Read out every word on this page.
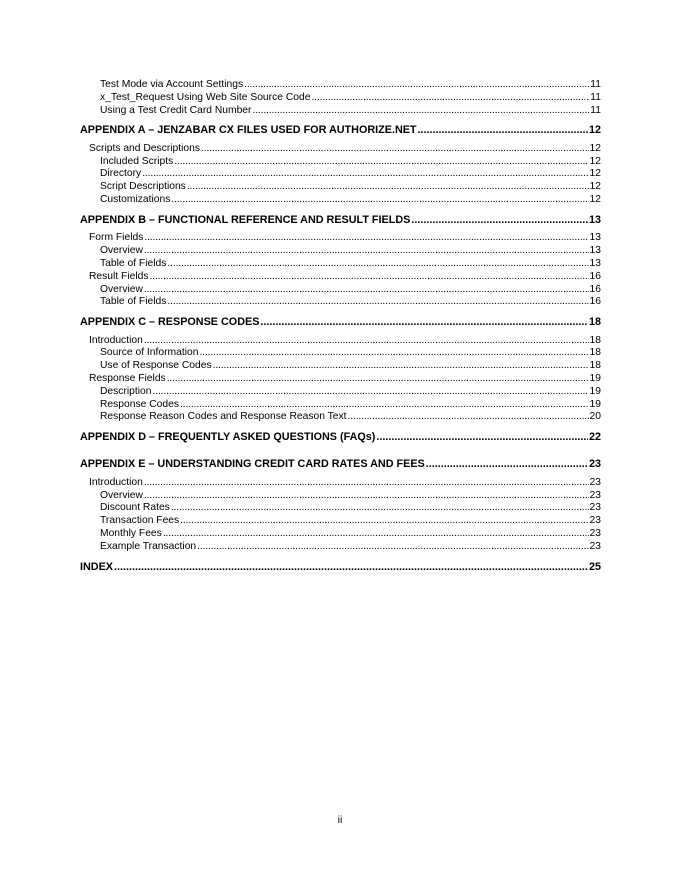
Test Mode via Account Settings . . .	11
x_Test_Request Using Web Site Source Code . . .	11
Using a Test Credit Card Number . . .	11
APPENDIX A – JENZABAR CX FILES USED FOR AUTHORIZE.NET . . .	12
Scripts and Descriptions . . .	12
Included Scripts . . .	12
Directory . . .	12
Script Descriptions . . .	12
Customizations . . .	12
APPENDIX B – FUNCTIONAL REFERENCE AND RESULT FIELDS . . .	13
Form Fields . . .	13
Overview . . .	13
Table of Fields . . .	13
Result Fields . . .	16
Overview . . .	16
Table of Fields . . .	16
APPENDIX C – RESPONSE CODES . . .	18
Introduction . . .	18
Source of Information . . .	18
Use of Response Codes . . .	18
Response Fields . . .	19
Description . . .	19
Response Codes . . .	19
Response Reason Codes and Response Reason Text . . .	20
APPENDIX D – FREQUENTLY ASKED QUESTIONS (FAQs) . . .	22
APPENDIX E – UNDERSTANDING CREDIT CARD RATES AND FEES . . .	23
Introduction . . .	23
Overview . . .	23
Discount Rates . . .	23
Transaction Fees . . .	23
Monthly Fees . . .	23
Example Transaction . . .	23
INDEX . . .	25
ii
